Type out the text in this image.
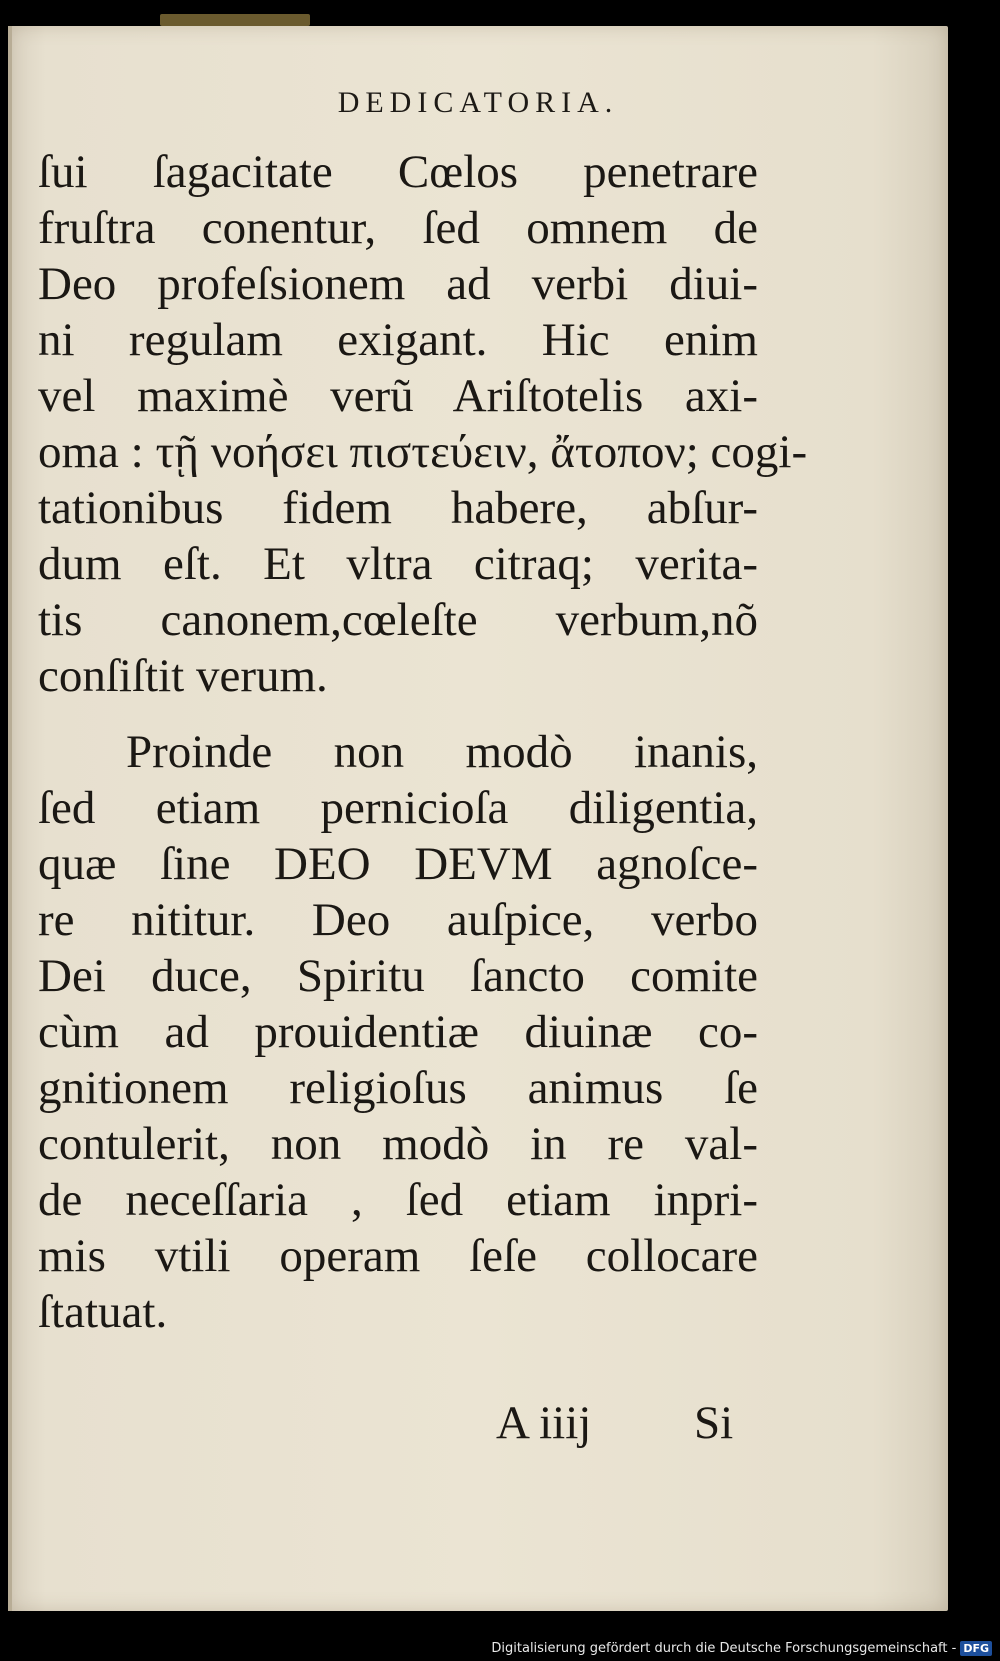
DEDICATORIA.
ſui ſagacitate Cœlos penetrare
fruſtra conentur, ſed omnem de
Deo profeſsionem ad verbi diui-
ni regulam exigant. Hic enim
vel maximè verũ Ariſtotelis axi-
oma : τῇ νοήσει πιστεύειν, ἄτοπον; cogi-
tationibus fidem habere, abſur-
dum eſt. Et vltra citraq; verita-
tis canonem,cœleſte verbum,nõ
conſiſtit verum.
Proinde non modò inanis,
ſed etiam pernicioſa diligentia,
quæ ſine DEO DEVM agnoſce-
re nititur. Deo auſpice, verbo
Dei duce, Spiritu ſancto comite
cùm ad prouidentiæ diuinæ co-
gnitionem religioſus animus ſe
contulerit, non modò in re val-
de neceſſaria , ſed etiam inpri-
mis vtili operam ſeſe collocare
ſtatuat.
A iiij Si
Digitalisierung gefördert durch die Deutsche Forschungsgemeinschaft - DFG
